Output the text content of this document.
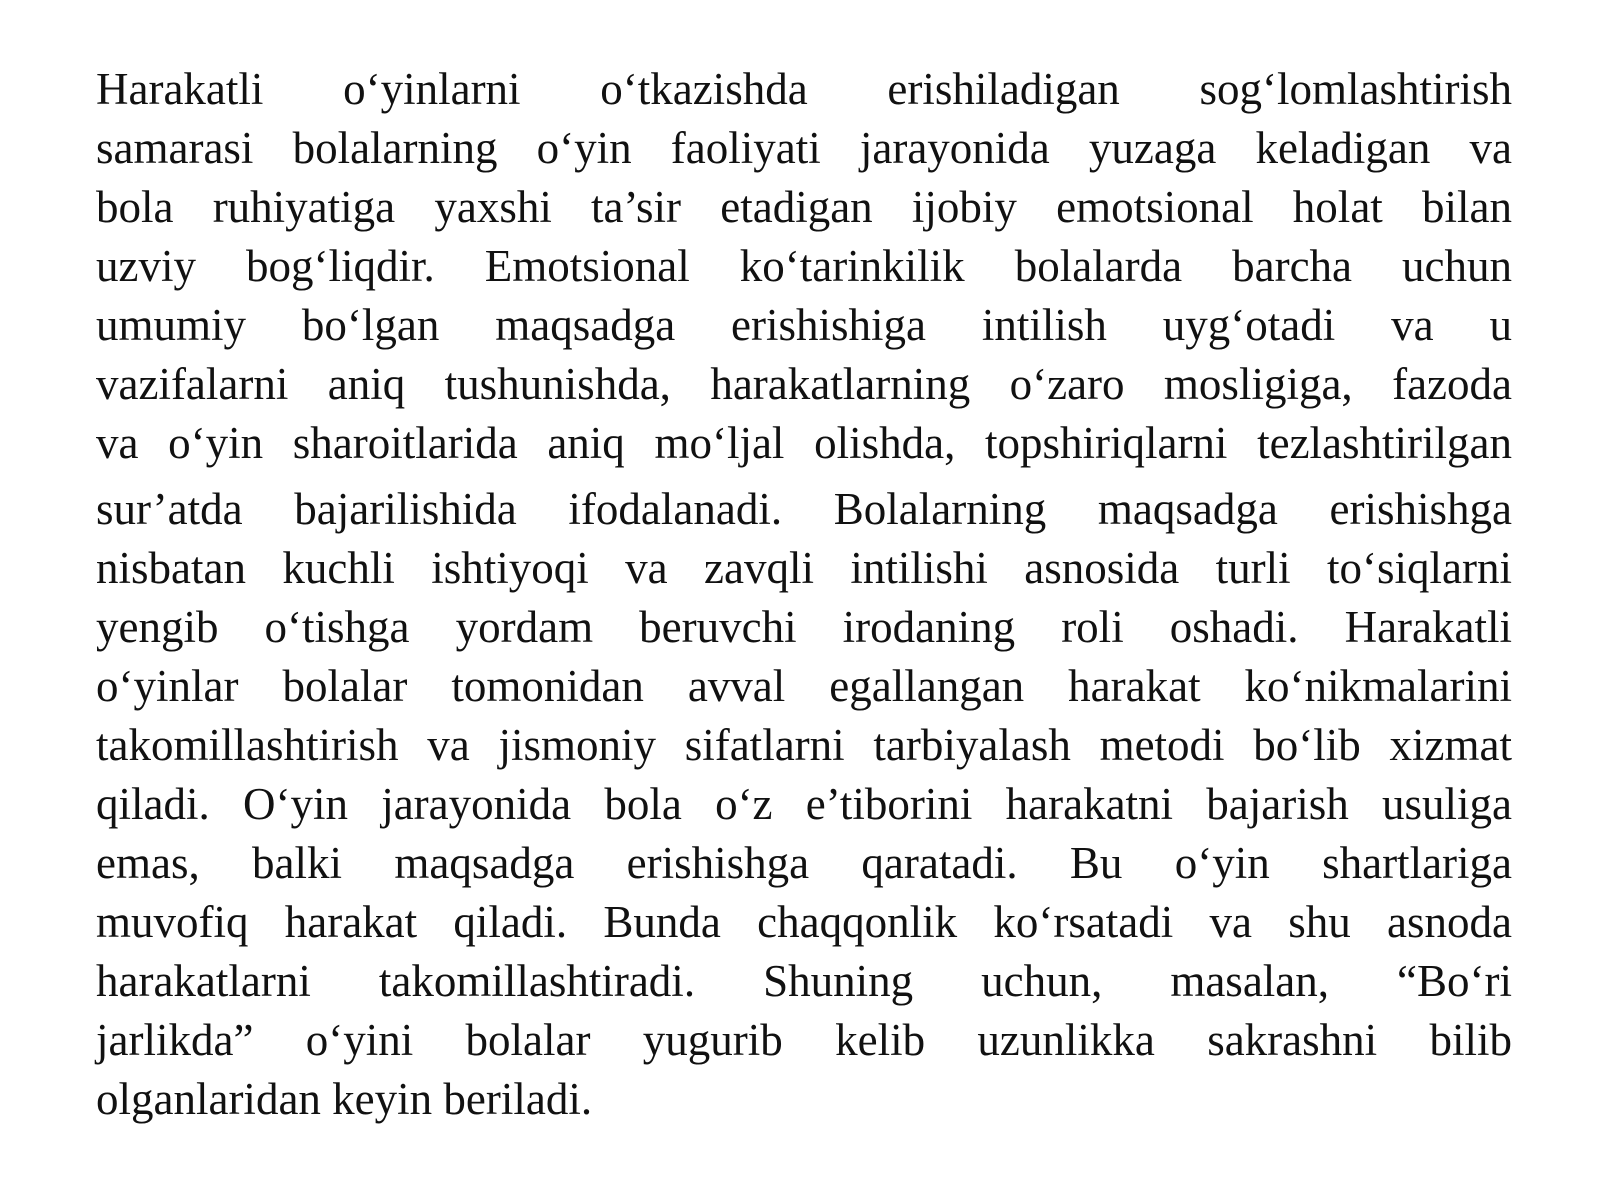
Harakatli o‘yinlarni o‘tkazishda erishiladigan sog‘lomlashtirish
samarasi bolalarning o‘yin faoliyati jarayonida yuzaga keladigan va
bola ruhiyatiga yaxshi ta’sir etadigan ijobiy emotsional holat bilan
uzviy bog‘liqdir. Emotsional ko‘tarinkilik bolalarda barcha uchun
umumiy bo‘lgan maqsadga erishishiga intilish uyg‘otadi va u
vazifalarni aniq tushunishda, harakatlarning o‘zaro mosligiga, fazoda
va o‘yin sharoitlarida aniq mo‘ljal olishda, topshiriqlarni tezlashtirilgan
sur’atda bajarilishida ifodalanadi. Bolalarning maqsadga erishishga
nisbatan kuchli ishtiyoqi va zavqli intilishi asnosida turli to‘siqlarni
yengib o‘tishga yordam beruvchi irodaning roli oshadi. Harakatli
o‘yinlar bolalar tomonidan avval egallangan harakat ko‘nikmalarini
takomillashtirish va jismoniy sifatlarni tarbiyalash metodi bo‘lib xizmat
qiladi. O‘yin jarayonida bola o‘z e’tiborini harakatni bajarish usuliga
emas, balki maqsadga erishishga qaratadi. Bu o‘yin shartlariga
muvofiq harakat qiladi. Bunda chaqqonlik ko‘rsatadi va shu asnoda
harakatlarni takomillashtiradi. Shuning uchun, masalan, “Bo‘ri
jarlikda” o‘yini bolalar yugurib kelib uzunlikka sakrashni bilib
olganlaridan keyin beriladi.
